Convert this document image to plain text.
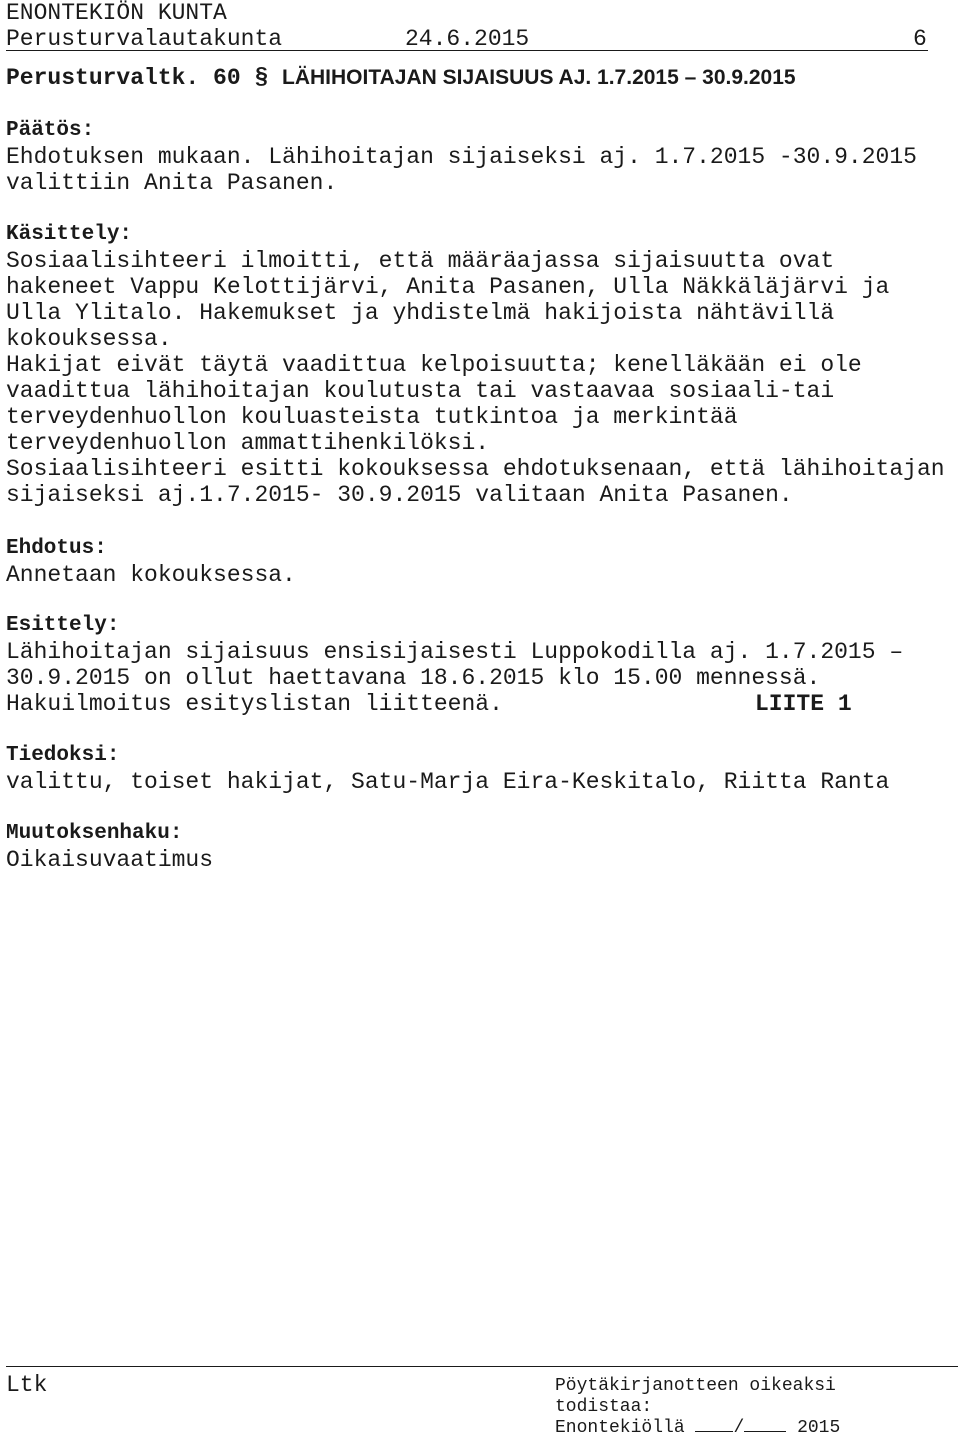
ENONTEKIÖN KUNTA
Perusturvalautakunta	24.6.2015	6
Perusturvaltk. 60 § LÄHIHOITAJAN SIJAISUUS AJ. 1.7.2015 – 30.9.2015
Päätös:
Ehdotuksen mukaan. Lähihoitajan sijaiseksi aj. 1.7.2015 -30.9.2015
valittiin Anita Pasanen.
Käsittely:
Sosiaalisihteeri ilmoitti, että määräajassa sijaisuutta ovat
hakeneet Vappu Kelottijärvi, Anita Pasanen, Ulla Näkkäläjärvi ja
Ulla Ylitalo. Hakemukset ja yhdistelmä hakijoista nähtävillä
kokouksessa.
Hakijat eivät täytä vaadittua kelpoisuutta; kenelläkään ei ole
vaadittua lähihoitajan koulutusta tai vastaavaa sosiaali-tai
terveydenhuollon kouluasteista tutkintoa ja merkintää
terveydenhuollon ammattihenkilöksi.
Sosiaalisihteeri esitti kokouksessa ehdotuksenaan, että lähihoitajan
sijaiseksi aj.1.7.2015- 30.9.2015 valitaan Anita Pasanen.
Ehdotus:
Annetaan kokouksessa.
Esittely:
Lähihoitajan sijaisuus ensisijaisesti Luppokodilla aj. 1.7.2015 –
30.9.2015 on ollut haettavana 18.6.2015 klo 15.00 mennessä.
Hakuilmoitus esityslistan liitteenä.	LIITE 1
Tiedoksi:
valittu, toiset hakijat, Satu-Marja Eira-Keskitalo, Riitta Ranta
Muutoksenhaku:
Oikaisuvaatimus
Ltk	Pöytäkirjanotteen oikeaksi
todistaa:
Enontekiöllä	/	2015
